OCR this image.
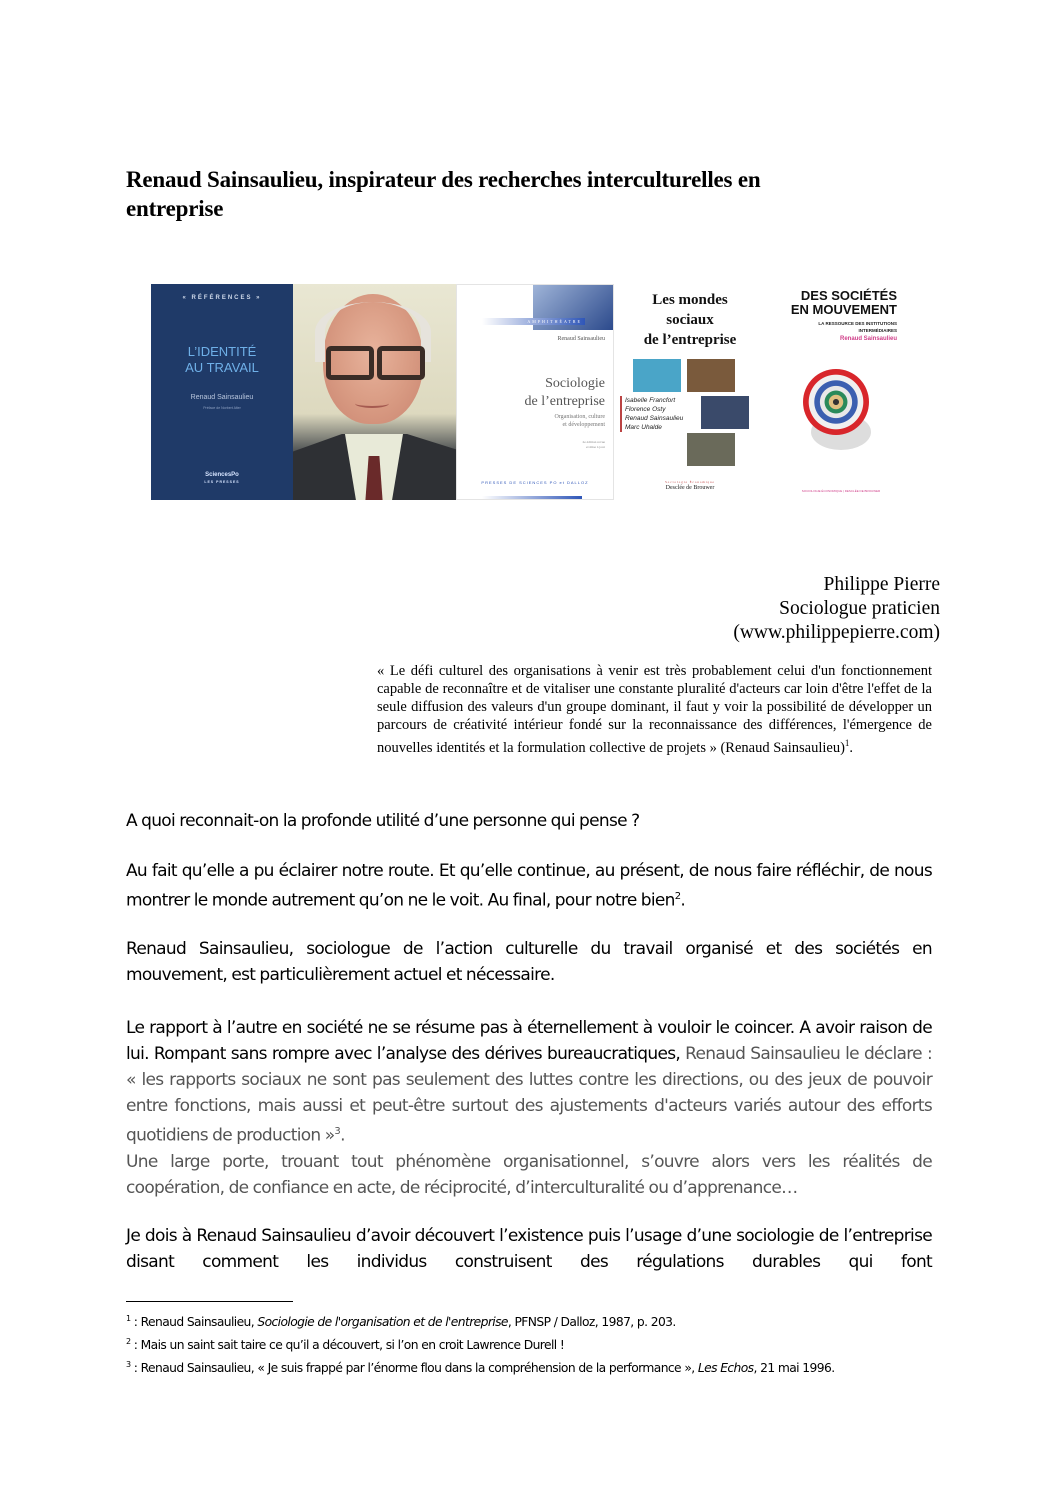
Renaud Sainsaulieu, inspirateur des recherches interculturelles en entreprise
« RÉFÉRENCES »
L’IDENTITÉ
AU TRAVAIL
Renaud Sainsaulieu
Préface de Norbert Alter
SciencesPo
LES PRESSES
AMPHITHÉATRE
Renaud Sainsaulieu
Sociologie
de l’entreprise
Organisation, culture
et développement
2e édition revue
et mise à jour
PRESSES DE SCIENCES PO et DALLOZ
Les mondes
sociaux
de l’entreprise
Isabelle Francfort
Florence Osty
Renaud Sainsaulieu
Marc Uhalde
Sociologie Économique
Desclée de Brouwer
DES SOCIÉTÉS
EN MOUVEMENT
LA RESSOURCE DES INSTITUTIONS
INTERMÉDIAIRES
Renaud Sainsaulieu
SOCIOLOGIE ÉCONOMIQUE | DESCLÉE DE BROUWER
Philippe Pierre
Sociologue praticien
(www.philippepierre.com)
« Le défi culturel des organisations à venir est très probablement celui d'un fonctionnement capable de reconnaître et de vitaliser une constante pluralité d'acteurs car loin d'être l'effet de la seule diffusion des valeurs d'un groupe dominant, il faut y voir la possibilité de développer un parcours de créativité intérieur fondé sur la reconnaissance des différences, l'émergence de nouvelles identités et la formulation collective de projets » (Renaud Sainsaulieu)$^1$.

A quoi reconnait-on la profonde utilité d’une personne qui pense ?

Au fait qu’elle a pu éclairer notre route. Et qu’elle continue, au présent, de nous faire réfléchir, de nous montrer le monde autrement qu’on ne le voit. Au final, pour notre bien$^2$.

Renaud Sainsaulieu, sociologue de l’action culturelle du travail organisé et des sociétés en mouvement, est particulièrement actuel et nécessaire.

Le rapport à l’autre en société ne se résume pas à éternellement à vouloir le coincer. A avoir raison de lui. Rompant sans rompre avec l’analyse des dérives bureaucratiques, Renaud Sainsaulieu le déclare : « les rapports sociaux ne sont pas seulement des luttes contre les directions, ou des jeux de pouvoir entre fonctions, mais aussi et peut-être surtout des ajustements d'acteurs variés autour des efforts quotidiens de production »$^3$.
Une large porte, trouant tout phénomène organisationnel, s’ouvre alors vers les réalités de coopération, de confiance en acte, de réciprocité, d’interculturalité ou d’apprenance…

Je dois à Renaud Sainsaulieu d’avoir découvert l’existence puis l’usage d’une sociologie de l’entreprise disant comment les individus construisent des régulations durables qui font

$^1$ : Renaud Sainsaulieu, Sociologie de l'organisation et de l'entreprise, PFNSP / Dalloz, 1987, p. 203.
$^2$ : Mais un saint sait taire ce qu’il a découvert, si l’on en croit Lawrence Durell !
$^3$ : Renaud Sainsaulieu, « Je suis frappé par l’énorme flou dans la compréhension de la performance », Les Echos, 21 mai 1996.
